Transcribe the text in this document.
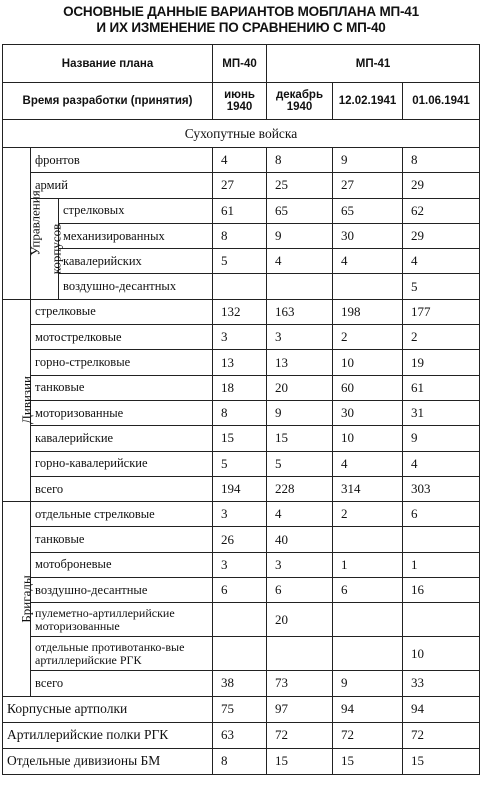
ОСНОВНЫЕ ДАННЫЕ ВАРИАНТОВ МОБПЛАНА МП-41
И ИХ ИЗМЕНЕНИЕ ПО СРАВНЕНИЮ С МП-40
Название плана			МП-40	МП-41		
Время разработки (принятия)			июнь 1940	декабрь 1940	12.02.1941	01.06.1941
Сухопутные войска						
Управления	фронтов		4	8	9	8
	армий		27	25	27	29
	корпусов	стрелковых	61	65	65	62
		механизированных	8	9	30	29
		кавалерийских	5	4	4	4
		воздушно-десантных				5
Дивизии	стрелковые		132	163	198	177
	мотострелковые		3	3	2	2
	горно-стрелковые		13	13	10	19
	танковые		18	20	60	61
	моторизованные		8	9	30	31
	кавалерийские		15	15	10	9
	горно-кавалерийские		5	5	4	4
	всего		194	228	314	303
Бригады	отдельные стрелковые		3	4	2	6
	танковые		26	40		
	мотоброневые		3	3	1	1
	воздушно-десантные		6	6	6	16
	пулеметно-артиллерийские моторизованные			20		
	отдельные противотанко-вые артиллерийские РГК					10
	всего		38	73	9	33
Корпусные артполки			75	97	94	94
Артиллерийские полки РГК			63	72	72	72
Отдельные дивизионы БМ			8	15	15	15
